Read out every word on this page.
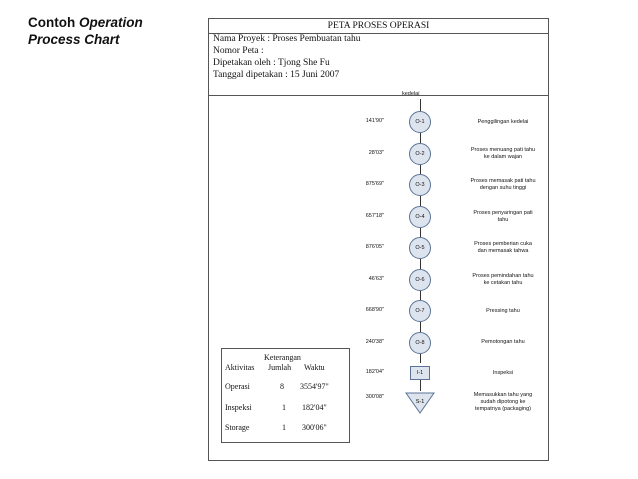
Contoh Operation
Process Chart
PETA PROSES OPERASI
Nama Proyek : Proses Pembuatan tahu
Nomor Peta :
Dipetakan oleh : Tjong She Fu
Tanggal dipetakan : 15 Juni 2007
kedelai
O-1
141'90"	Penggilingan kedelai
O-2
28'03"	Proses menuang pati tahu
ke dalam wajan
O-3
875'69"	Proses memasak pati tahu
dengan suhu tinggi
O-4
657'18"	Proses penyaringan pati
tahu
O-5
876'05"	Proses pemberian cuka
dan memasak tahwa
O-6
46'63"	Proses pemindahan tahu
ke cetakan tahu
O-7
668'90"	Pressing tahu
O-8
240'38"	Pemotongan tahu
I-1
182'04"	Inspeksi
S-1
300'08"	Memasukkan tahu yang
sudah dipotong ke
tempatnya (packaging)
Keterangan
Aktivitas Jumlah Waktu
Operasi	8 3554'97"
Inspeksi	1 182'04"
Storage	1 300'06"
